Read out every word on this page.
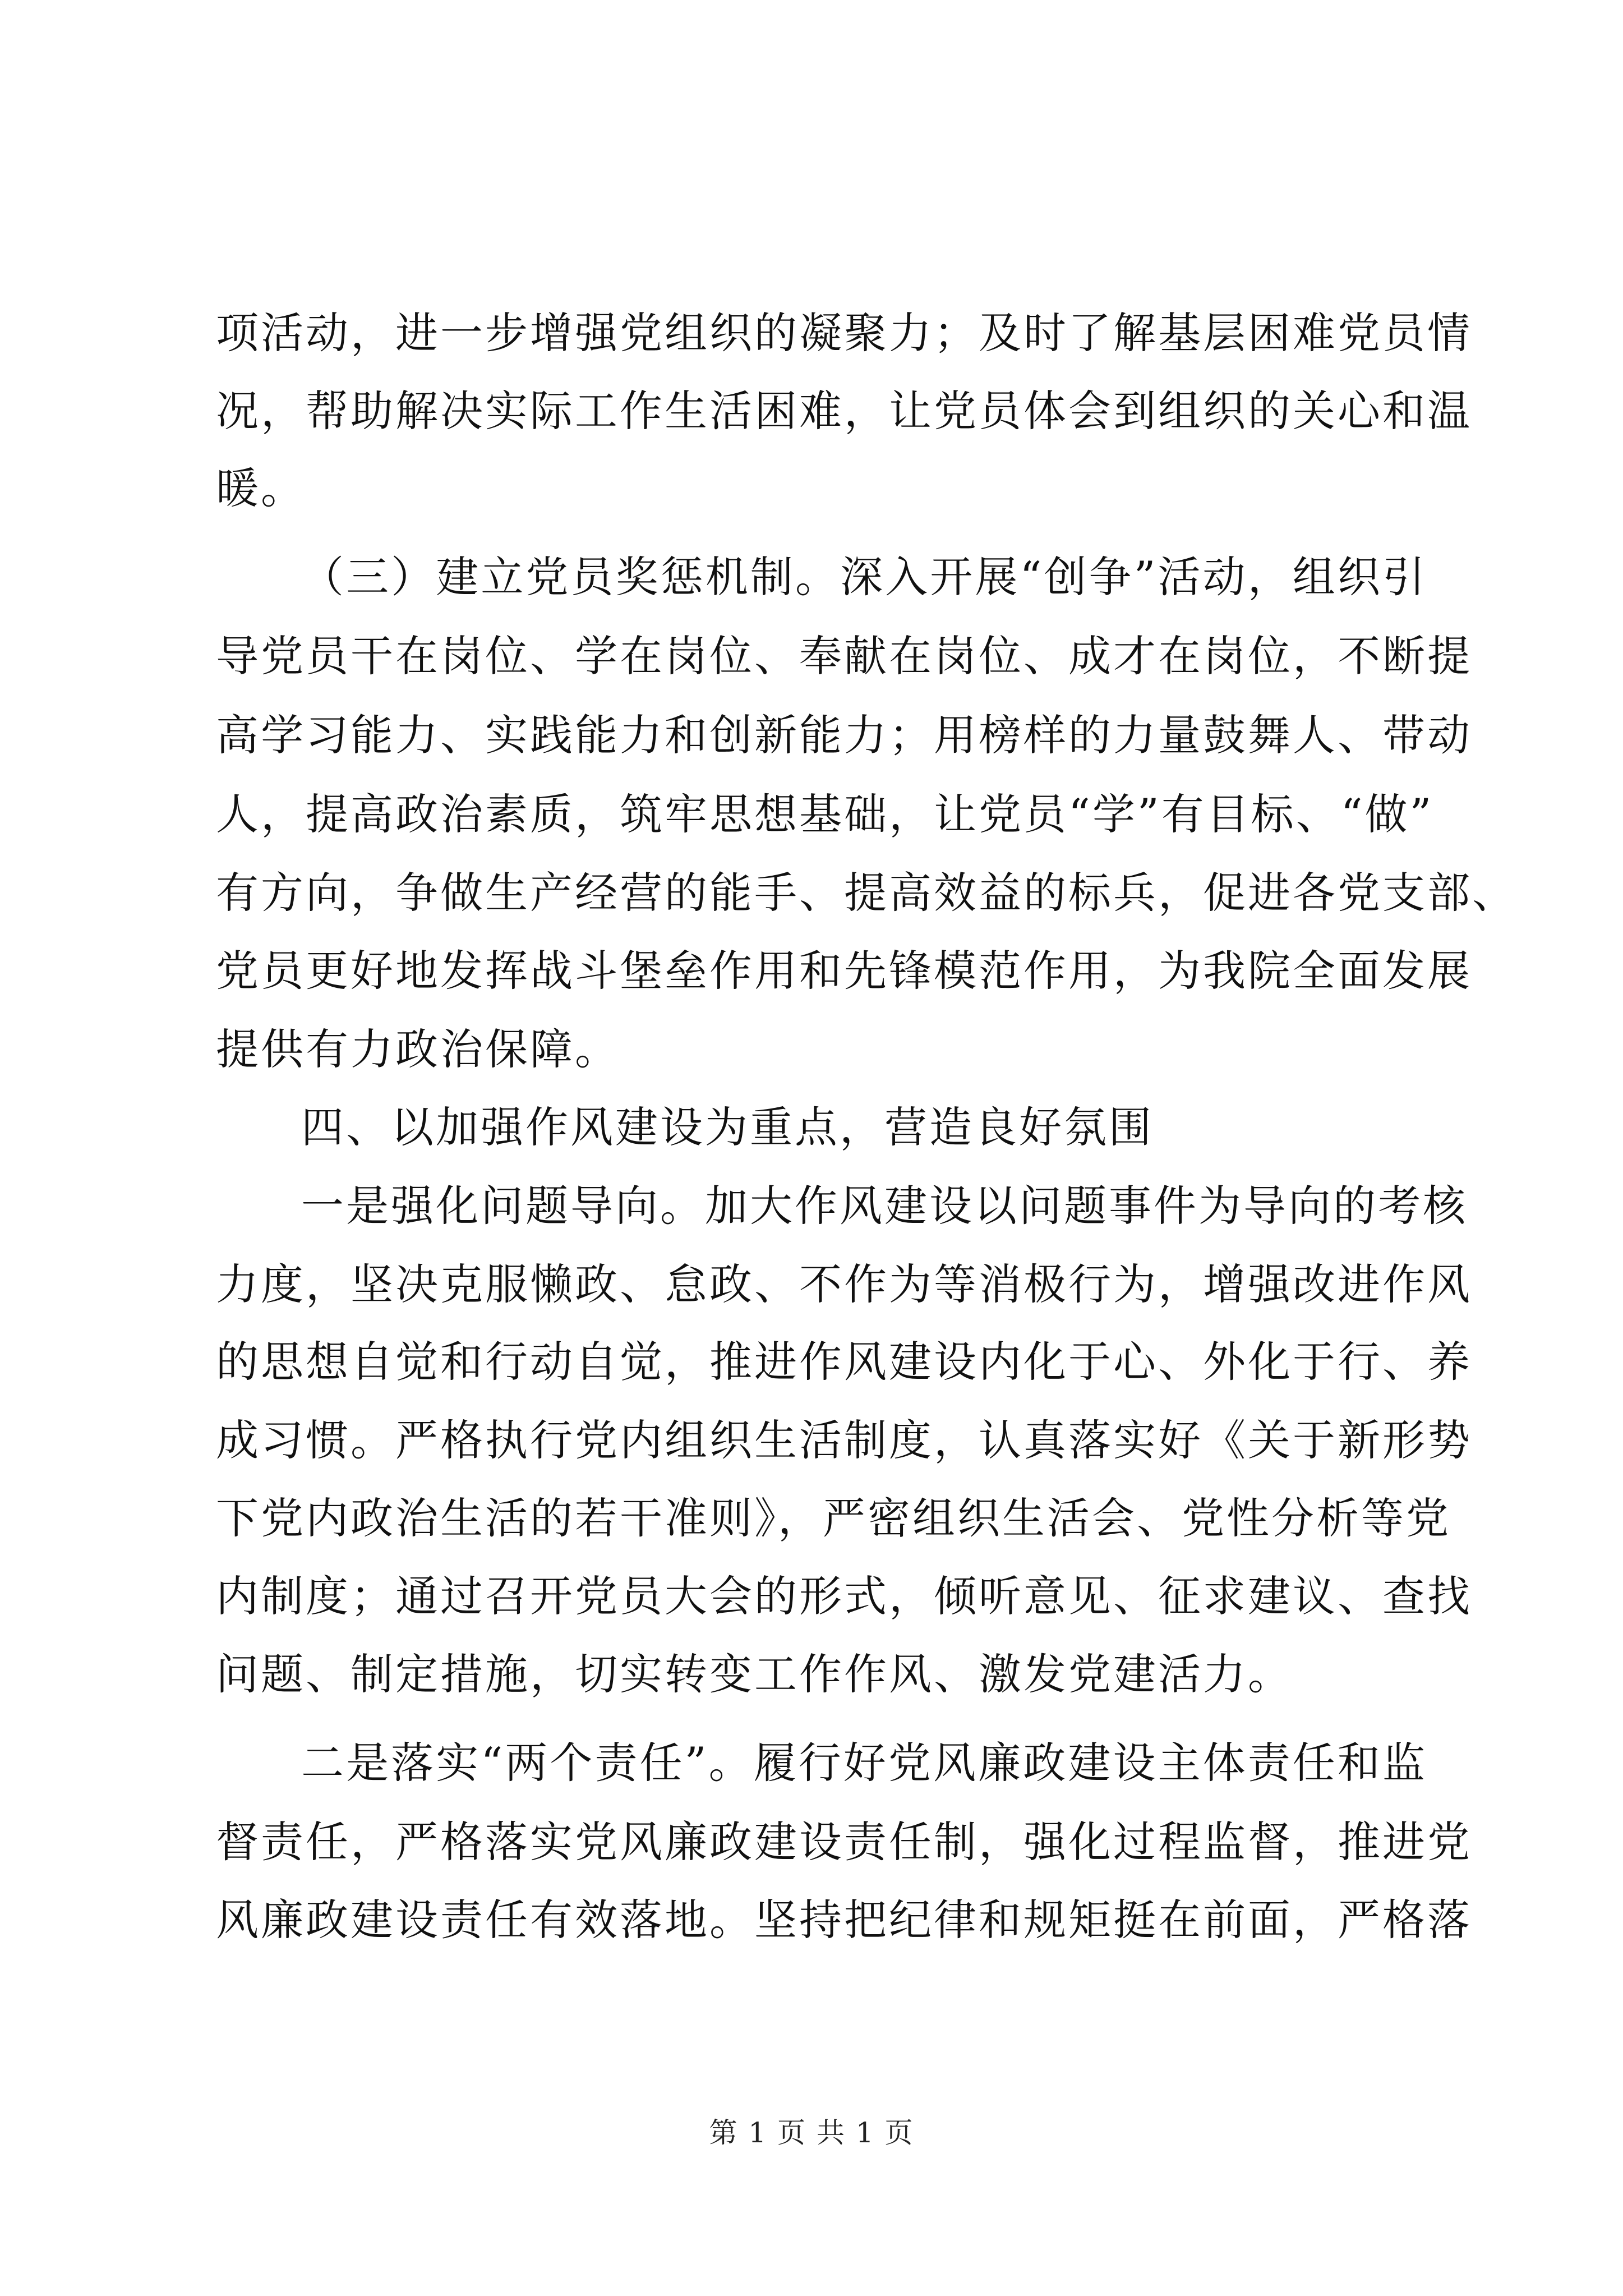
项活动，进一步增强党组织的凝聚力；及时了解基层困难党员情
况，帮助解决实际工作生活困难，让党员体会到组织的关心和温
暖。
（三）建立党员奖惩机制。深入开展“创争”活动，组织引
导党员干在岗位、学在岗位、奉献在岗位、成才在岗位，不断提
高学习能力、实践能力和创新能力；用榜样的力量鼓舞人、带动
人，提高政治素质，筑牢思想基础，让党员“学”有目标、“做”
有方向，争做生产经营的能手、提高效益的标兵，促进各党支部、
党员更好地发挥战斗堡垒作用和先锋模范作用，为我院全面发展
提供有力政治保障。
四、以加强作风建设为重点，营造良好氛围
一是强化问题导向。加大作风建设以问题事件为导向的考核
力度，坚决克服懒政、怠政、不作为等消极行为，增强改进作风
的思想自觉和行动自觉，推进作风建设内化于心、外化于行、养
成习惯。严格执行党内组织生活制度，认真落实好《关于新形势
下党内政治生活的若干准则》，严密组织生活会、党性分析等党
内制度；通过召开党员大会的形式，倾听意见、征求建议、查找
问题、制定措施，切实转变工作作风、激发党建活力。
二是落实“两个责任”。履行好党风廉政建设主体责任和监
督责任，严格落实党风廉政建设责任制，强化过程监督，推进党
风廉政建设责任有效落地。坚持把纪律和规矩挺在前面，严格落
第 1 页 共 1 页
